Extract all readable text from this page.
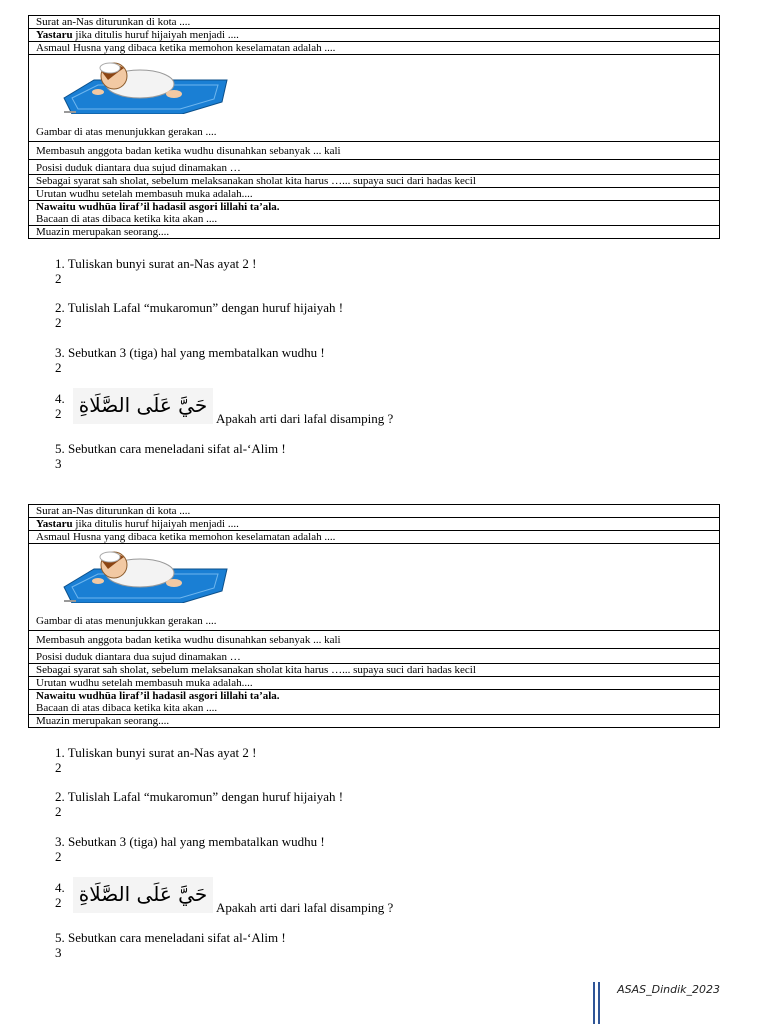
Surat an-Nas diturunkan di kota ....
Yastaru jika ditulis huruf hijaiyah menjadi ....
Asmaul Husna yang dibaca ketika memohon keselamatan adalah ....

Gambar di atas menunjukkan gerakan ....

Membasuh anggota badan ketika wudhu disunahkan sebanyak ... kali
Posisi duduk diantara dua sujud dinamakan …
Sebagai syarat sah sholat, sebelum melaksanakan sholat kita harus …... supaya suci dari hadas kecil
Urutan wudhu setelah membasuh muka adalah....
Nawaitu wudhūa liraf’il hadasil asgori lillahi ta’ala.
Bacaan di atas dibaca ketika kita akan ....
Muazin merupakan seorang....
1. Tuliskan bunyi surat an-Nas ayat 2 !
2
2. Tulislah Lafal “mukaromun” dengan huruf hijaiyah !
2
3. Sebutkan 3 (tiga) hal yang membatalkan wudhu !
2
4.
2 حَيَّ عَلَى الصَّلَاةِ
Apakah arti dari lafal disamping ?
5. Sebutkan cara meneladani sifat al-‘Alim !
3
Surat an-Nas diturunkan di kota ....
Yastaru jika ditulis huruf hijaiyah menjadi ....
Asmaul Husna yang dibaca ketika memohon keselamatan adalah ....

Gambar di atas menunjukkan gerakan ....

Membasuh anggota badan ketika wudhu disunahkan sebanyak ... kali
Posisi duduk diantara dua sujud dinamakan …
Sebagai syarat sah sholat, sebelum melaksanakan sholat kita harus …... supaya suci dari hadas kecil
Urutan wudhu setelah membasuh muka adalah....
Nawaitu wudhūa liraf’il hadasil asgori lillahi ta’ala.
Bacaan di atas dibaca ketika kita akan ....
Muazin merupakan seorang....
1. Tuliskan bunyi surat an-Nas ayat 2 !
2
2. Tulislah Lafal “mukaromun” dengan huruf hijaiyah !
2
3. Sebutkan 3 (tiga) hal yang membatalkan wudhu !
2
4.
2 حَيَّ عَلَى الصَّلَاةِ
Apakah arti dari lafal disamping ?
5. Sebutkan cara meneladani sifat al-‘Alim !
3
ASAS_Dindik_2023
